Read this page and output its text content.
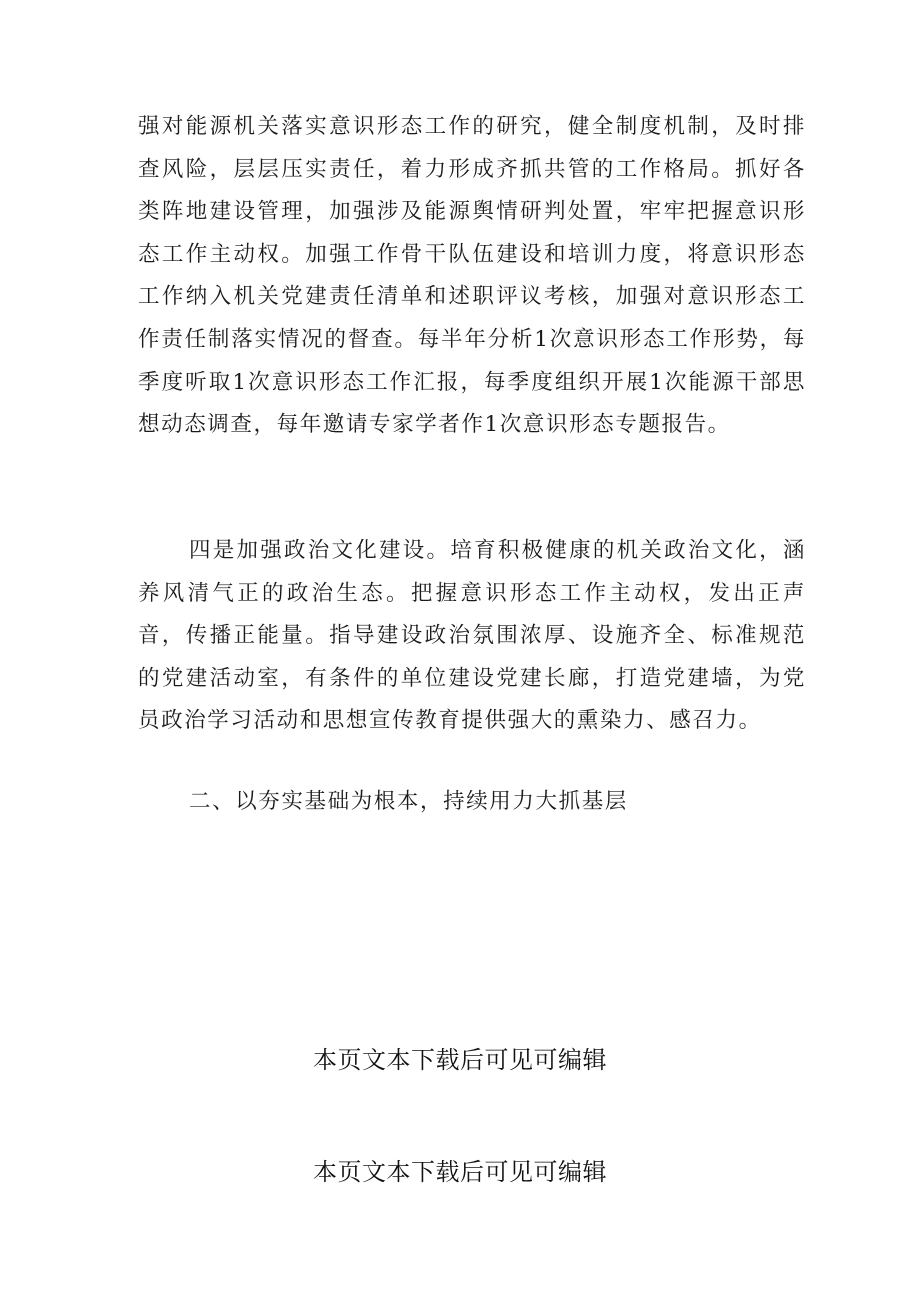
强对能源机关落实意识形态工作的研究，健全制度机制，及时排查风险，层层压实责任，着力形成齐抓共管的工作格局。抓好各类阵地建设管理，加强涉及能源舆情研判处置，牢牢把握意识形态工作主动权。加强工作骨干队伍建设和培训力度，将意识形态工作纳入机关党建责任清单和述职评议考核，加强对意识形态工作责任制落实情况的督查。每半年分析1次意识形态工作形势，每季度听取1次意识形态工作汇报，每季度组织开展1次能源干部思想动态调查，每年邀请专家学者作1次意识形态专题报告。

四是加强政治文化建设。培育积极健康的机关政治文化，涵养风清气正的政治生态。把握意识形态工作主动权，发出正声音，传播正能量。指导建设政治氛围浓厚、设施齐全、标准规范的党建活动室，有条件的单位建设党建长廊，打造党建墙，为党员政治学习活动和思想宣传教育提供强大的熏染力、感召力。

二、以夯实基础为根本，持续用力大抓基层

本页文本下载后可见可编辑

本页文本下载后可见可编辑
